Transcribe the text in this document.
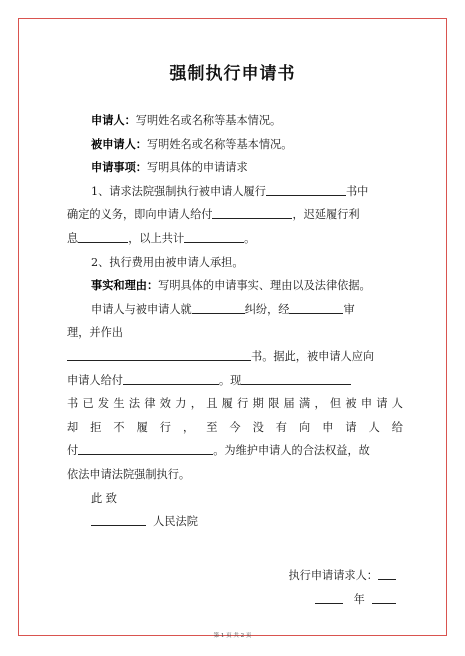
强制执行申请书
申请人：写明姓名或名称等基本情况。
被申请人：写明姓名或名称等基本情况。
申请事项：写明具体的申请请求
1、请求法院强制执行被申请人履行	书中
确定的义务，即向申请人给付	，迟延履行利
息	，以上共计	。
2、执行费用由被申请人承担。
事实和理由：写明具体的申请事实、理由以及法律依据。
申请人与被申请人就	纠纷，经	审
理，并作出
书。据此，被申请人应向
申请人给付	。现
书已发生法律效力，且履行期限届满，但被申请人
却拒不履行，至今没有向申请人给
付	。为维护申请人的合法权益，故
依法申请法院强制执行。
此 致
人民法院
执行申请请求人：
年
第 1 页 共 2 页
